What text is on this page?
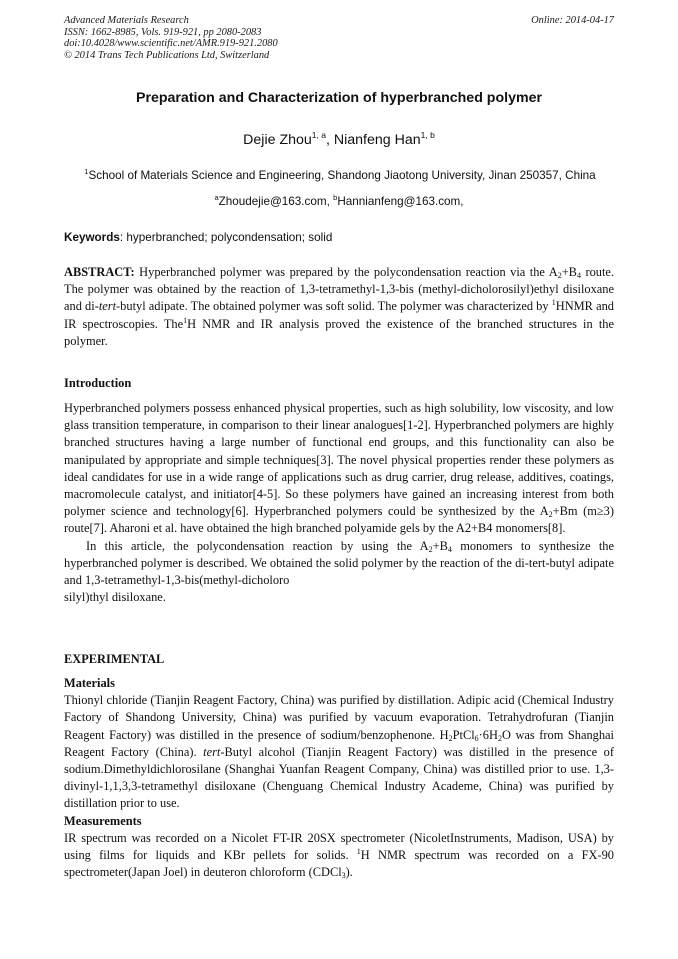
Advanced Materials Research
ISSN: 1662-8985, Vols. 919-921, pp 2080-2083
doi:10.4028/www.scientific.net/AMR.919-921.2080
© 2014 Trans Tech Publications Ltd, Switzerland
Online: 2014-04-17
Preparation and Characterization of hyperbranched polymer
Dejie Zhou$^{1, a}$, Nianfeng Han$^{1, b}$
$^1$School of Materials Science and Engineering, Shandong Jiaotong University, Jinan 250357, China
$^a$Zhoudejie@163.com, $^b$Hannianfeng@163.com,
Keywords: hyperbranched; polycondensation; solid

ABSTRACT: Hyperbranched polymer was prepared by the polycondensation reaction via the $A_2+B_4$ route. The polymer was obtained by the reaction of 1,3-tetramethyl-1,3-bis (methyl-dicholorosilyl)ethyl disiloxane and di-tert-butyl adipate. The obtained polymer was soft solid. The polymer was characterized by $^1$HNMR and IR spectroscopies. The$^1$H NMR and IR analysis proved the existence of the branched structures in the polymer.

Introduction

Hyperbranched polymers possess enhanced physical properties, such as high solubility, low viscosity, and low glass transition temperature, in comparison to their linear analogues[1-2]. Hyperbranched polymers are highly branched structures having a large number of functional end groups, and this functionality can also be manipulated by appropriate and simple techniques[3]. The novel physical properties render these polymers as ideal candidates for use in a wide range of applications such as drug carrier, drug release, additives, coatings, macromolecule catalyst, and initiator[4-5]. So these polymers have gained an increasing interest from both polymer science and technology[6]. Hyperbranched polymers could be synthesized by the $A_2+Bm$ (m≥3) route[7]. Aharoni et al. have obtained the high branched polyamide gels by the A2+B4 monomers[8].

In this article, the polycondensation reaction by using the $A_2+B_4$ monomers to synthesize the hyperbranched polymer is described. We obtained the solid polymer by the reaction of the di-tert-butyl adipate and 1,3-tetramethyl-1,3-bis(methyl-dicholoro
silyl)thyl disiloxane.

EXPERIMENTAL

Materials

Thionyl chloride (Tianjin Reagent Factory, China) was purified by distillation. Adipic acid (Chemical Industry Factory of Shandong University, China) was purified by vacuum evaporation. Tetrahydrofuran (Tianjin Reagent Factory) was distilled in the presence of sodium/benzophenone. $H_2PtCl_6\cdot 6H_2O$ was from Shanghai Reagent Factory (China). tert-Butyl alcohol (Tianjin Reagent Factory) was distilled in the presence of sodium.Dimethyldichlorosilane (Shanghai Yuanfan Reagent Company, China) was distilled prior to use. 1,3-divinyl-1,1,3,3-tetramethyl disiloxane (Chenguang Chemical Industry Academe, China) was purified by distillation prior to use.

Measurements

IR spectrum was recorded on a Nicolet FT-IR 20SX spectrometer (NicoletInstruments, Madison, USA) by using films for liquids and KBr pellets for solids. $^1$H NMR spectrum was recorded on a FX-90 spectrometer(Japan Joel) in deuteron chloroform (CDCl$_3$).
